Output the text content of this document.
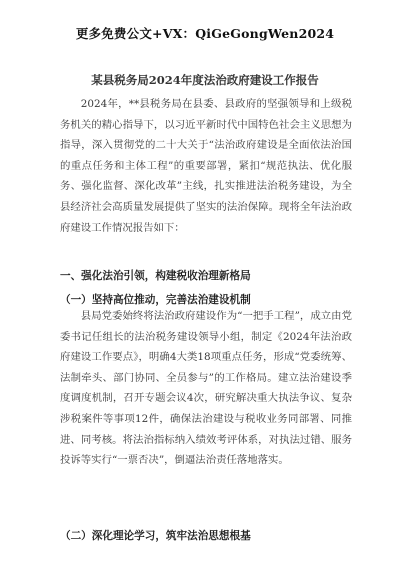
更多免费公文+VX：QiGeGongWen2024
某县税务局2024年度法治政府建设工作报告

2024年，**县税务局在县委、县政府的坚强领导和上级税务机关的精心指导下，以习近平新时代中国特色社会主义思想为指导，深入贯彻党的二十大关于“法治政府建设是全面依法治国的重点任务和主体工程”的重要部署，紧扣“规范执法、优化服务、强化监督、深化改革”主线，扎实推进法治税务建设，为全县经济社会高质量发展提供了坚实的法治保障。现将全年法治政府建设工作情况报告如下：

一、强化法治引领，构建税收治理新格局
（一）坚持高位推动，完善法治建设机制

县局党委始终将法治政府建设作为“一把手工程”，成立由党委书记任组长的法治税务建设领导小组，制定《2024年法治政府建设工作要点》，明确4大类18项重点任务，形成“党委统筹、法制牵头、部门协同、全员参与”的工作格局。建立法治建设季度调度机制，召开专题会议4次，研究解决重大执法争议、复杂涉税案件等事项12件，确保法治建设与税收业务同部署、同推进、同考核。将法治指标纳入绩效考评体系，对执法过错、服务投诉等实行“一票否决”，倒逼法治责任落地落实。

（二）深化理论学习，筑牢法治思想根基
